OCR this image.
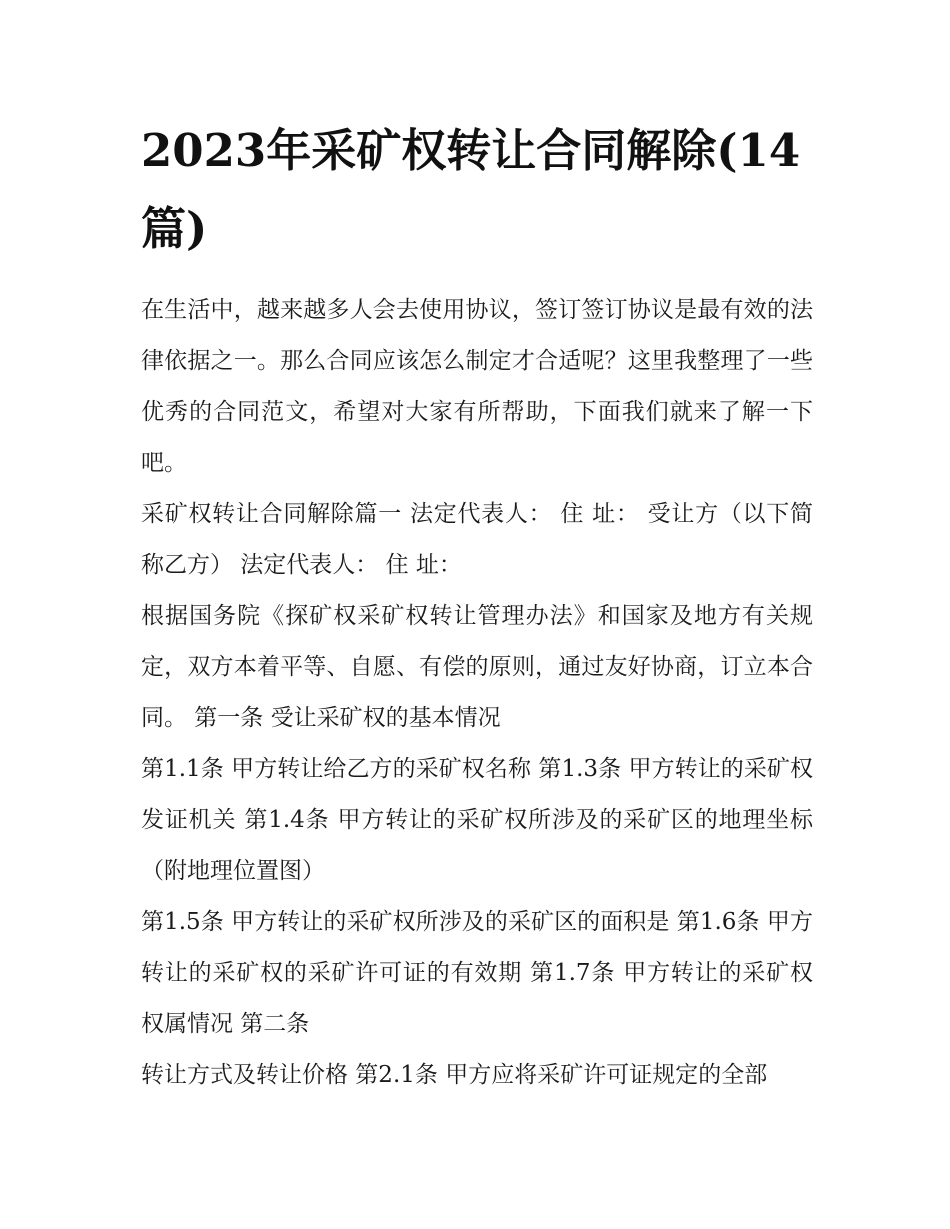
2023年采矿权转让合同解除(14篇)

在生活中，越来越多人会去使用协议，签订签订协议是最有效的法律依据之一。那么合同应该怎么制定才合适呢？这里我整理了一些优秀的合同范文，希望对大家有所帮助，下面我们就来了解一下吧。

采矿权转让合同解除篇一 法定代表人： 住 址： 受让方（以下简称乙方） 法定代表人： 住 址：

根据国务院《探矿权采矿权转让管理办法》和国家及地方有关规定，双方本着平等、自愿、有偿的原则，通过友好协商，订立本合同。 第一条 受让采矿权的基本情况

第1.1条 甲方转让给乙方的采矿权名称 第1.3条 甲方转让的采矿权发证机关 第1.4条 甲方转让的采矿权所涉及的采矿区的地理坐标 （附地理位置图）

第1.5条 甲方转让的采矿权所涉及的采矿区的面积是 第1.6条 甲方转让的采矿权的采矿许可证的有效期 第1.7条 甲方转让的采矿权权属情况 第二条

转让方式及转让价格 第2.1条 甲方应将采矿许可证规定的全部
